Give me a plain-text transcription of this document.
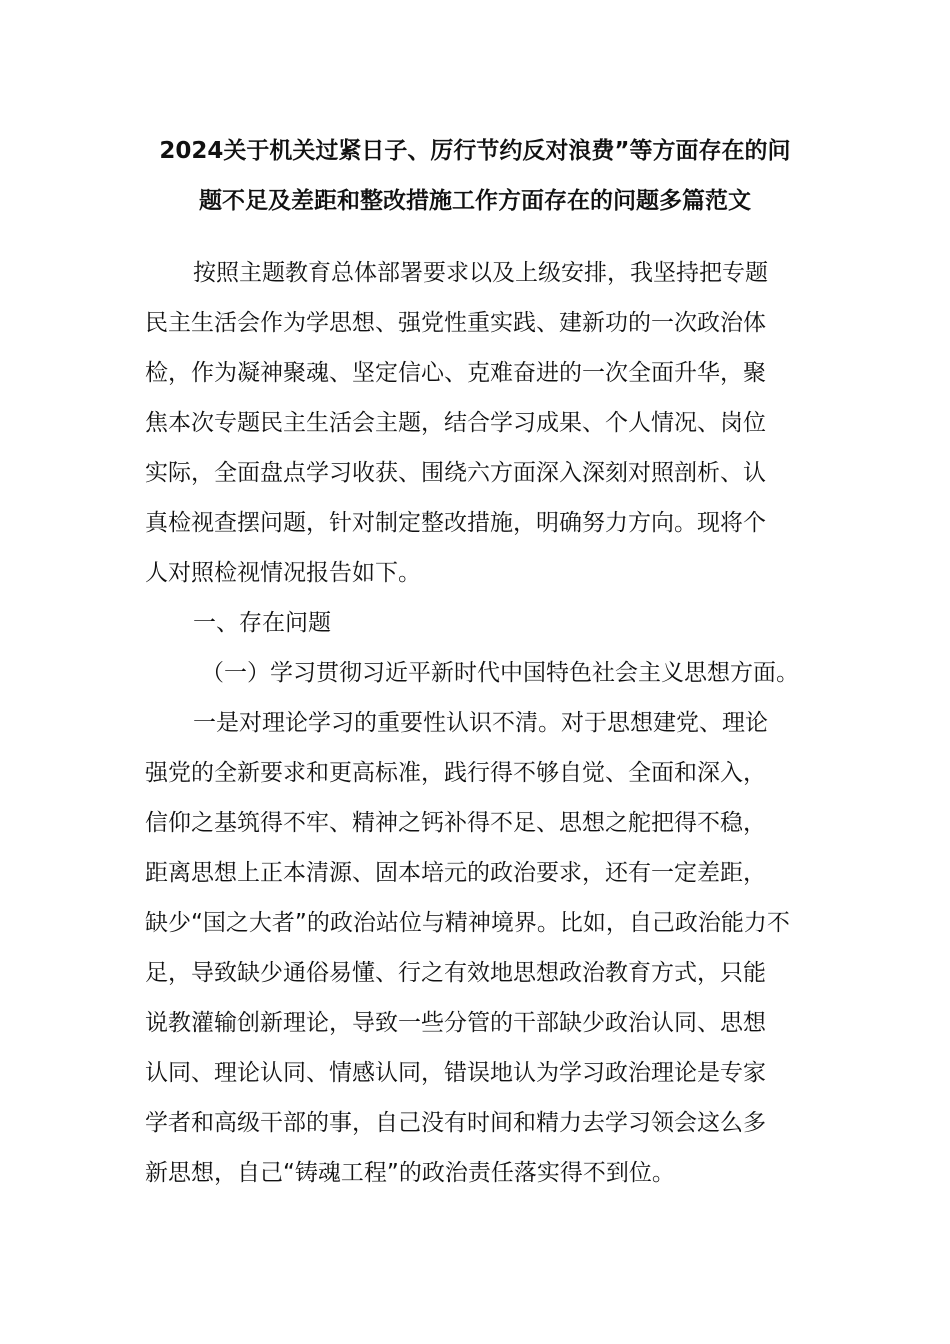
2024关于机关过紧日子、厉行节约反对浪费”等方面存在的问
题不足及差距和整改措施工作方面存在的问题多篇范文
按照主题教育总体部署要求以及上级安排，我坚持把专题
民主生活会作为学思想、强党性重实践、建新功的一次政治体
检，作为凝神聚魂、坚定信心、克难奋进的一次全面升华，聚
焦本次专题民主生活会主题，结合学习成果、个人情况、岗位
实际，全面盘点学习收获、围绕六方面深入深刻对照剖析、认
真检视查摆问题，针对制定整改措施，明确努力方向。现将个
人对照检视情况报告如下。
一、存在问题
（一）学习贯彻习近平新时代中国特色社会主义思想方面。
一是对理论学习的重要性认识不清。对于思想建党、理论
强党的全新要求和更高标准，践行得不够自觉、全面和深入，
信仰之基筑得不牢、精神之钙补得不足、思想之舵把得不稳，
距离思想上正本清源、固本培元的政治要求，还有一定差距，
缺少“国之大者”的政治站位与精神境界。比如，自己政治能力不
足，导致缺少通俗易懂、行之有效地思想政治教育方式，只能
说教灌输创新理论，导致一些分管的干部缺少政治认同、思想
认同、理论认同、情感认同，错误地认为学习政治理论是专家
学者和高级干部的事，自己没有时间和精力去学习领会这么多
新思想，自己“铸魂工程”的政治责任落实得不到位。
